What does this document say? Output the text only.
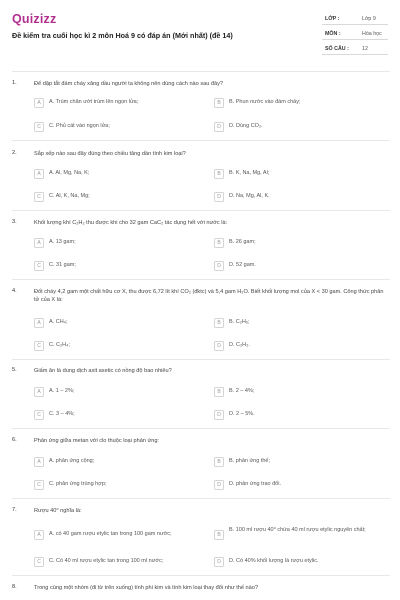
Quizizz
Đề kiểm tra cuối học kì 2 môn Hoá 9 có đáp án (Mới nhất) (đề 14)
LỚP :	Lớp 9
MÔN :	Hóa học
SỐ CÂU : 12
1.	Để dập tắt đám cháy xăng dầu người ta không nên dùng cách nào sau đây?
A	A. Trùm chăn ướt trùm lên ngọn lửa;	B	B. Phun nước vào đám cháy;
C	C. Phủ cát vào ngọn lửa;	D	D. Dùng CO₂.
2.	Sắp xếp nào sau đây đúng theo chiều tăng dần tính kim loại?
A	A. Al, Mg, Na, K;	B	B. K, Na, Mg, Al;
C	C. Al, K, Na, Mg;	D	D. Na, Mg, Al, K.
3.	Khối lượng khí C₂H₂ thu được khi cho 32 gam CaC₂ tác dụng hết với nước là:
A	A. 13 gam;	B	B. 26 gam;
C	C. 31 gam;	D	D. 52 gam.
4.	Đốt cháy 4,2 gam một chất hữu cơ X, thu được 6,72 lít khí CO₂ (đktc) và 5,4 gam H₂O. Biết khối lượng mol của X < 30 gam. Công thức phân tử của X là:
A	A. CH₄;	B	B. C₂H₆;
C	C. C₂H₄;	D	D. C₂H₂.
5.	Giấm ăn là dung dịch axit axetic có nồng độ bao nhiêu?
A	A. 1 – 2%;	B	B. 2 – 4%;
C	C. 3 – 4%;	D	D. 2 – 5%.
6.	Phản ứng giữa metan với clo thuộc loại phản ứng:
A	A. phản ứng cộng;	B	B. phản ứng thế;
C	C. phản ứng trùng hợp;	D	D. phản ứng trao đổi.
7.	Rượu 40⁰ nghĩa là:
A	A. có 40 gam rượu etylic tan trong 100 gam nước;	B
B. 100 ml rượu 40⁰ chứa 40 ml rượu etylic nguyên chất;
C	C. Có 40 ml rượu etylic tan trong 100 ml nước;	D	D. Có 40% khối lượng là rượu etylic.
8.	Trong cùng một nhóm (đi từ trên xuống) tính phi kim và tính kim loại thay đổi như thế nào?
